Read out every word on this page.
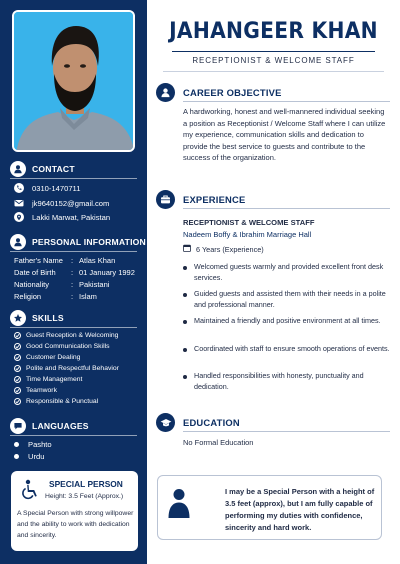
CONTACT
0310-1470711
jk9640152@gmail.com
Lakki Marwat, Pakistan
PERSONAL INFORMATION
Father's Name : Atlas Khan
Date of Birth : 01 January 1992
Nationality	: Pakistani
Religion	: Islam
SKILLS
Guest Reception & Welcoming
Good Communication Skills
Customer Dealing
Polite and Respectful Behavior
Time Management
Teamwork
Responsible & Punctual
LANGUAGES
Pashto
Urdu
SPECIAL PERSON
Height: 3.5 Feet (Approx.)
A Special Person with strong willpower and the ability to work with dedication and sincerity.
JAHANGEER KHAN
RECEPTIONIST & WELCOME STAFF
CAREER OBJECTIVE
A hardworking, honest and well-mannered individual seeking a position as Receptionist / Welcome Staff where I can utilize my experience, communication skills and dedication to provide the best service to guests and contribute to the success of the organization.
EXPERIENCE
RECEPTIONIST & WELCOME STAFF
Nadeem Boffy & Ibrahim Marriage Hall
6 Years (Experience)
Welcomed guests warmly and provided excellent front desk services.
Guided guests and assisted them with their needs in a polite and professional manner.
Maintained a friendly and positive environment at all times.
Coordinated with staff to ensure smooth operations of events.
Handled responsibilities with honesty, punctuality and dedication.
EDUCATION
No Formal Education
I may be a Special Person with a height of 3.5 feet (approx), but I am fully capable of performing my duties with confidence, sincerity and hard work.
